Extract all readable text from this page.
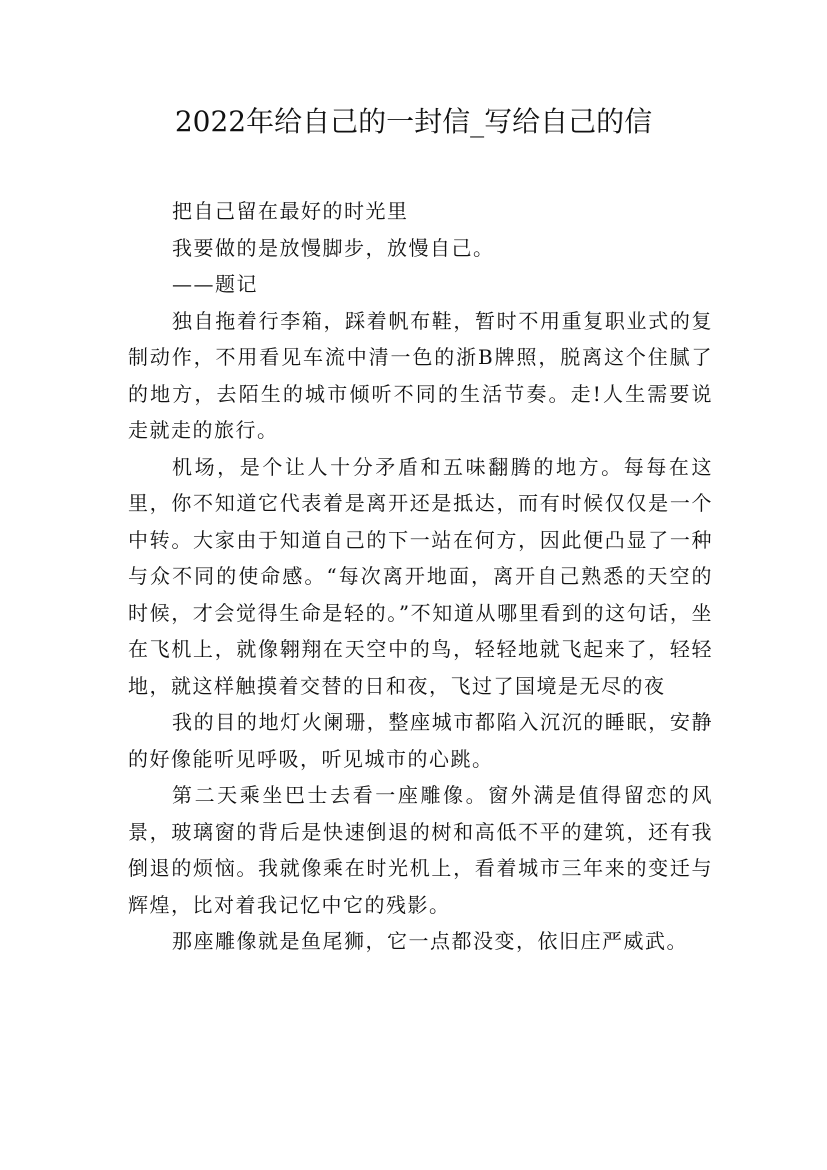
2022年给自己的一封信_写给自己的信

把自己留在最好的时光里

我要做的是放慢脚步，放慢自己。

——题记

独自拖着行李箱，踩着帆布鞋，暂时不用重复职业式的复制动作，不用看见车流中清一色的浙B牌照，脱离这个住腻了的地方，去陌生的城市倾听不同的生活节奏。走!人生需要说走就走的旅行。

机场，是个让人十分矛盾和五味翻腾的地方。每每在这里，你不知道它代表着是离开还是抵达，而有时候仅仅是一个中转。大家由于知道自己的下一站在何方，因此便凸显了一种与众不同的使命感。“每次离开地面，离开自己熟悉的天空的时候，才会觉得生命是轻的。”不知道从哪里看到的这句话，坐在飞机上，就像翱翔在天空中的鸟，轻轻地就飞起来了，轻轻地，就这样触摸着交替的日和夜，飞过了国境是无尽的夜

我的目的地灯火阑珊，整座城市都陷入沉沉的睡眠，安静的好像能听见呼吸，听见城市的心跳。

第二天乘坐巴士去看一座雕像。窗外满是值得留恋的风景，玻璃窗的背后是快速倒退的树和高低不平的建筑，还有我倒退的烦恼。我就像乘在时光机上，看着城市三年来的变迁与辉煌，比对着我记忆中它的残影。

那座雕像就是鱼尾狮，它一点都没变，依旧庄严威武。
